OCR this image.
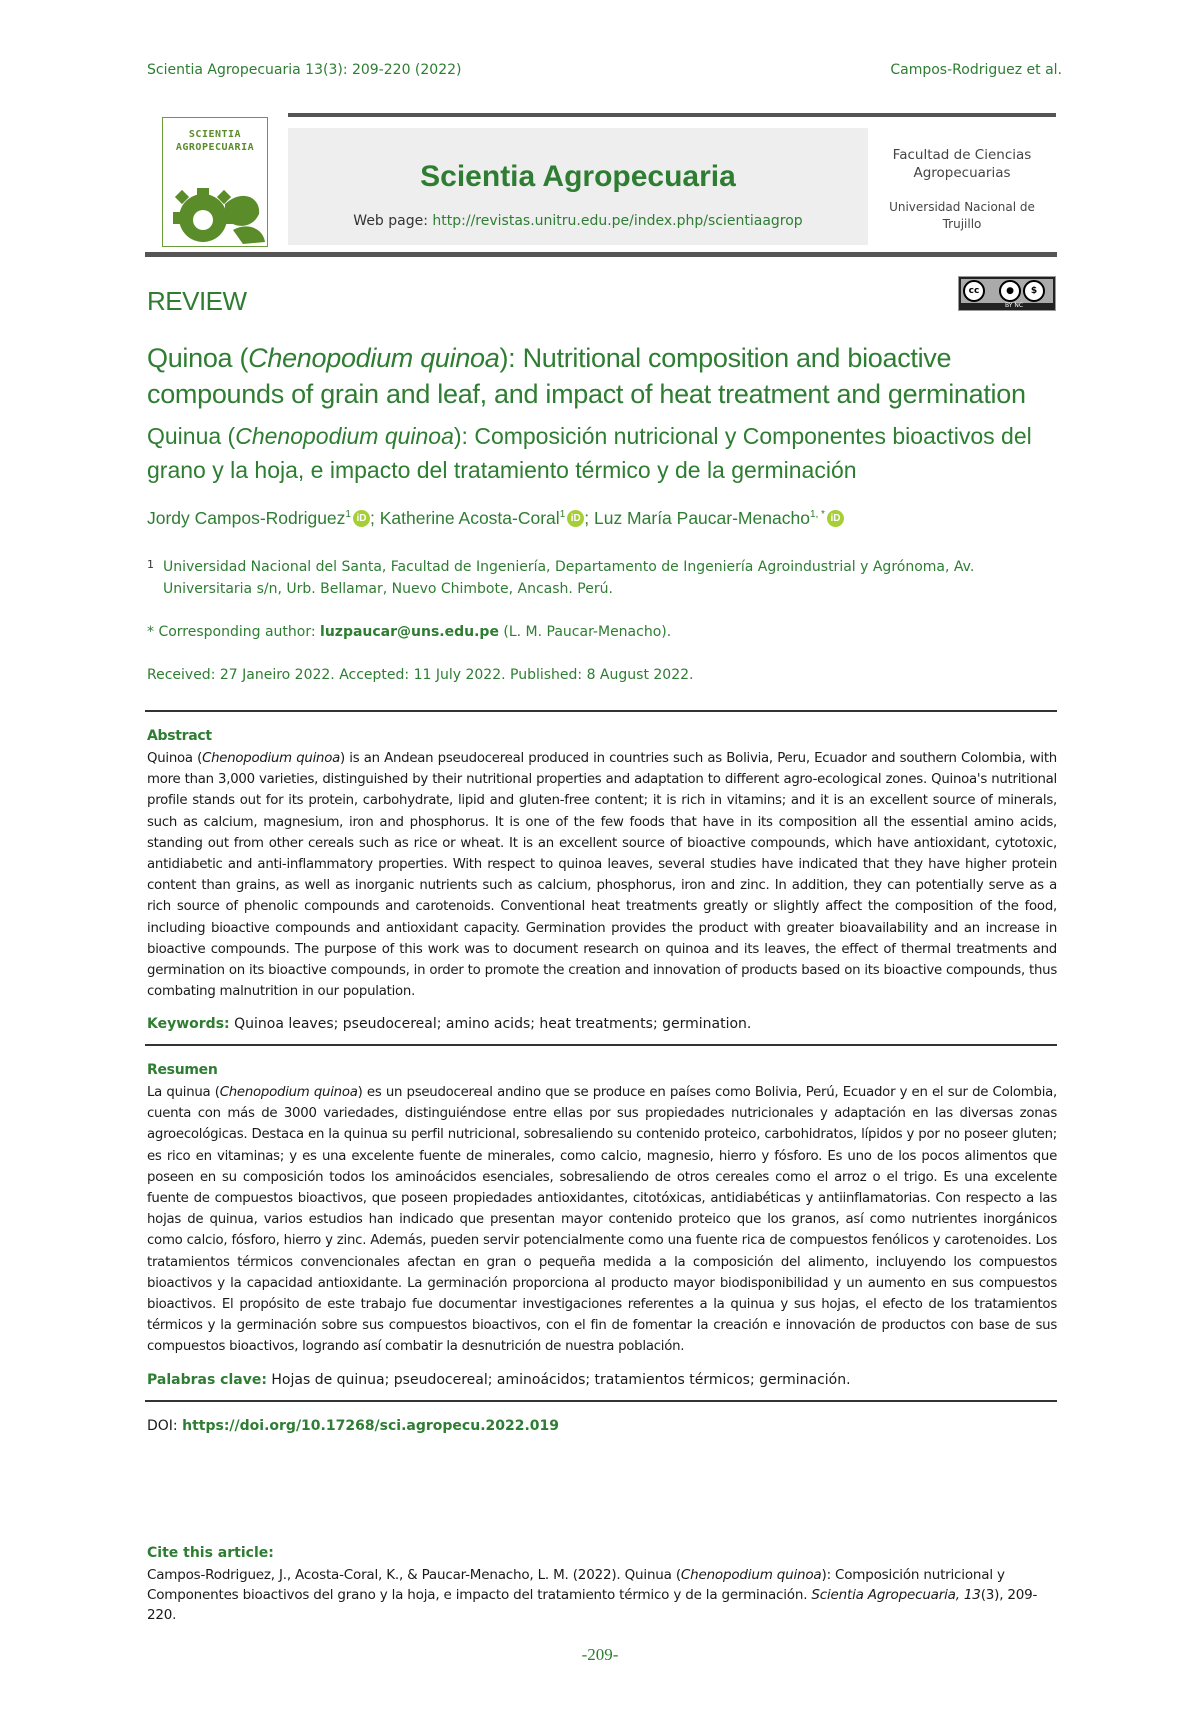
Scientia Agropecuaria 13(3): 209-220 (2022)	Campos-Rodriguez et al.
SCIENTIA AGROPECUARIA
Scientia Agropecuaria
Web page: http://revistas.unitru.edu.pe/index.php/scientiaagrop
Facultad de Ciencias Agropecuarias
Universidad Nacional de Trujillo
REVIEW	cc	●	$
BY NC
Quinoa (Chenopodium quinoa): Nutritional composition and bioactive compounds of grain and leaf, and impact of heat treatment and germination
Quinua (Chenopodium quinoa): Composición nutricional y Componentes bioactivos del grano y la hoja, e impacto del tratamiento térmico y de la germinación
Jordy Campos-Rodriguez$^1$ iD ; Katherine Acosta-Coral$^1$ iD ; Luz María Paucar-Menacho$^{1, *}$ iD
1 Universidad Nacional del Santa, Facultad de Ingeniería, Departamento de Ingeniería Agroindustrial y Agrónoma, Av. Universitaria s/n, Urb. Bellamar, Nuevo Chimbote, Ancash. Perú.
* Corresponding author: luzpaucar@uns.edu.pe (L. M. Paucar-Menacho).
Received: 27 Janeiro 2022. Accepted: 11 July 2022. Published: 8 August 2022.
Abstract
Quinoa (Chenopodium quinoa) is an Andean pseudocereal produced in countries such as Bolivia, Peru, Ecuador and southern Colombia, with more than 3,000 varieties, distinguished by their nutritional properties and adaptation to different agro-ecological zones. Quinoa's nutritional profile stands out for its protein, carbohydrate, lipid and gluten-free content; it is rich in vitamins; and it is an excellent source of minerals, such as calcium, magnesium, iron and phosphorus. It is one of the few foods that have in its composition all the essential amino acids, standing out from other cereals such as rice or wheat. It is an excellent source of bioactive compounds, which have antioxidant, cytotoxic, antidiabetic and anti-inflammatory properties. With respect to quinoa leaves, several studies have indicated that they have higher protein content than grains, as well as inorganic nutrients such as calcium, phosphorus, iron and zinc. In addition, they can potentially serve as a rich source of phenolic compounds and carotenoids. Conventional heat treatments greatly or slightly affect the composition of the food, including bioactive compounds and antioxidant capacity. Germination provides the product with greater bioavailability and an increase in bioactive compounds. The purpose of this work was to document research on quinoa and its leaves, the effect of thermal treatments and germination on its bioactive compounds, in order to promote the creation and innovation of products based on its bioactive compounds, thus combating malnutrition in our population.
Keywords: Quinoa leaves; pseudocereal; amino acids; heat treatments; germination.
Resumen
La quinua (Chenopodium quinoa) es un pseudocereal andino que se produce en países como Bolivia, Perú, Ecuador y en el sur de Colombia, cuenta con más de 3000 variedades, distinguiéndose entre ellas por sus propiedades nutricionales y adaptación en las diversas zonas agroecológicas. Destaca en la quinua su perfil nutricional, sobresaliendo su contenido proteico, carbohidratos, lípidos y por no poseer gluten; es rico en vitaminas; y es una excelente fuente de minerales, como calcio, magnesio, hierro y fósforo. Es uno de los pocos alimentos que poseen en su composición todos los aminoácidos esenciales, sobresaliendo de otros cereales como el arroz o el trigo. Es una excelente fuente de compuestos bioactivos, que poseen propiedades antioxidantes, citotóxicas, antidiabéticas y antiinflamatorias. Con respecto a las hojas de quinua, varios estudios han indicado que presentan mayor contenido proteico que los granos, así como nutrientes inorgánicos como calcio, fósforo, hierro y zinc. Además, pueden servir potencialmente como una fuente rica de compuestos fenólicos y carotenoides. Los tratamientos térmicos convencionales afectan en gran o pequeña medida a la composición del alimento, incluyendo los compuestos bioactivos y la capacidad antioxidante. La germinación proporciona al producto mayor biodisponibilidad y un aumento en sus compuestos bioactivos. El propósito de este trabajo fue documentar investigaciones referentes a la quinua y sus hojas, el efecto de los tratamientos térmicos y la germinación sobre sus compuestos bioactivos, con el fin de fomentar la creación e innovación de productos con base de sus compuestos bioactivos, logrando así combatir la desnutrición de nuestra población.
Palabras clave: Hojas de quinua; pseudocereal; aminoácidos; tratamientos térmicos; germinación.
DOI: https://doi.org/10.17268/sci.agropecu.2022.019
Cite this article:
Campos-Rodriguez, J., Acosta-Coral, K., & Paucar-Menacho, L. M. (2022). Quinua (Chenopodium quinoa): Composición nutricional y Componentes bioactivos del grano y la hoja, e impacto del tratamiento térmico y de la germinación. Scientia Agropecuaria, 13(3), 209-220.
-209-
